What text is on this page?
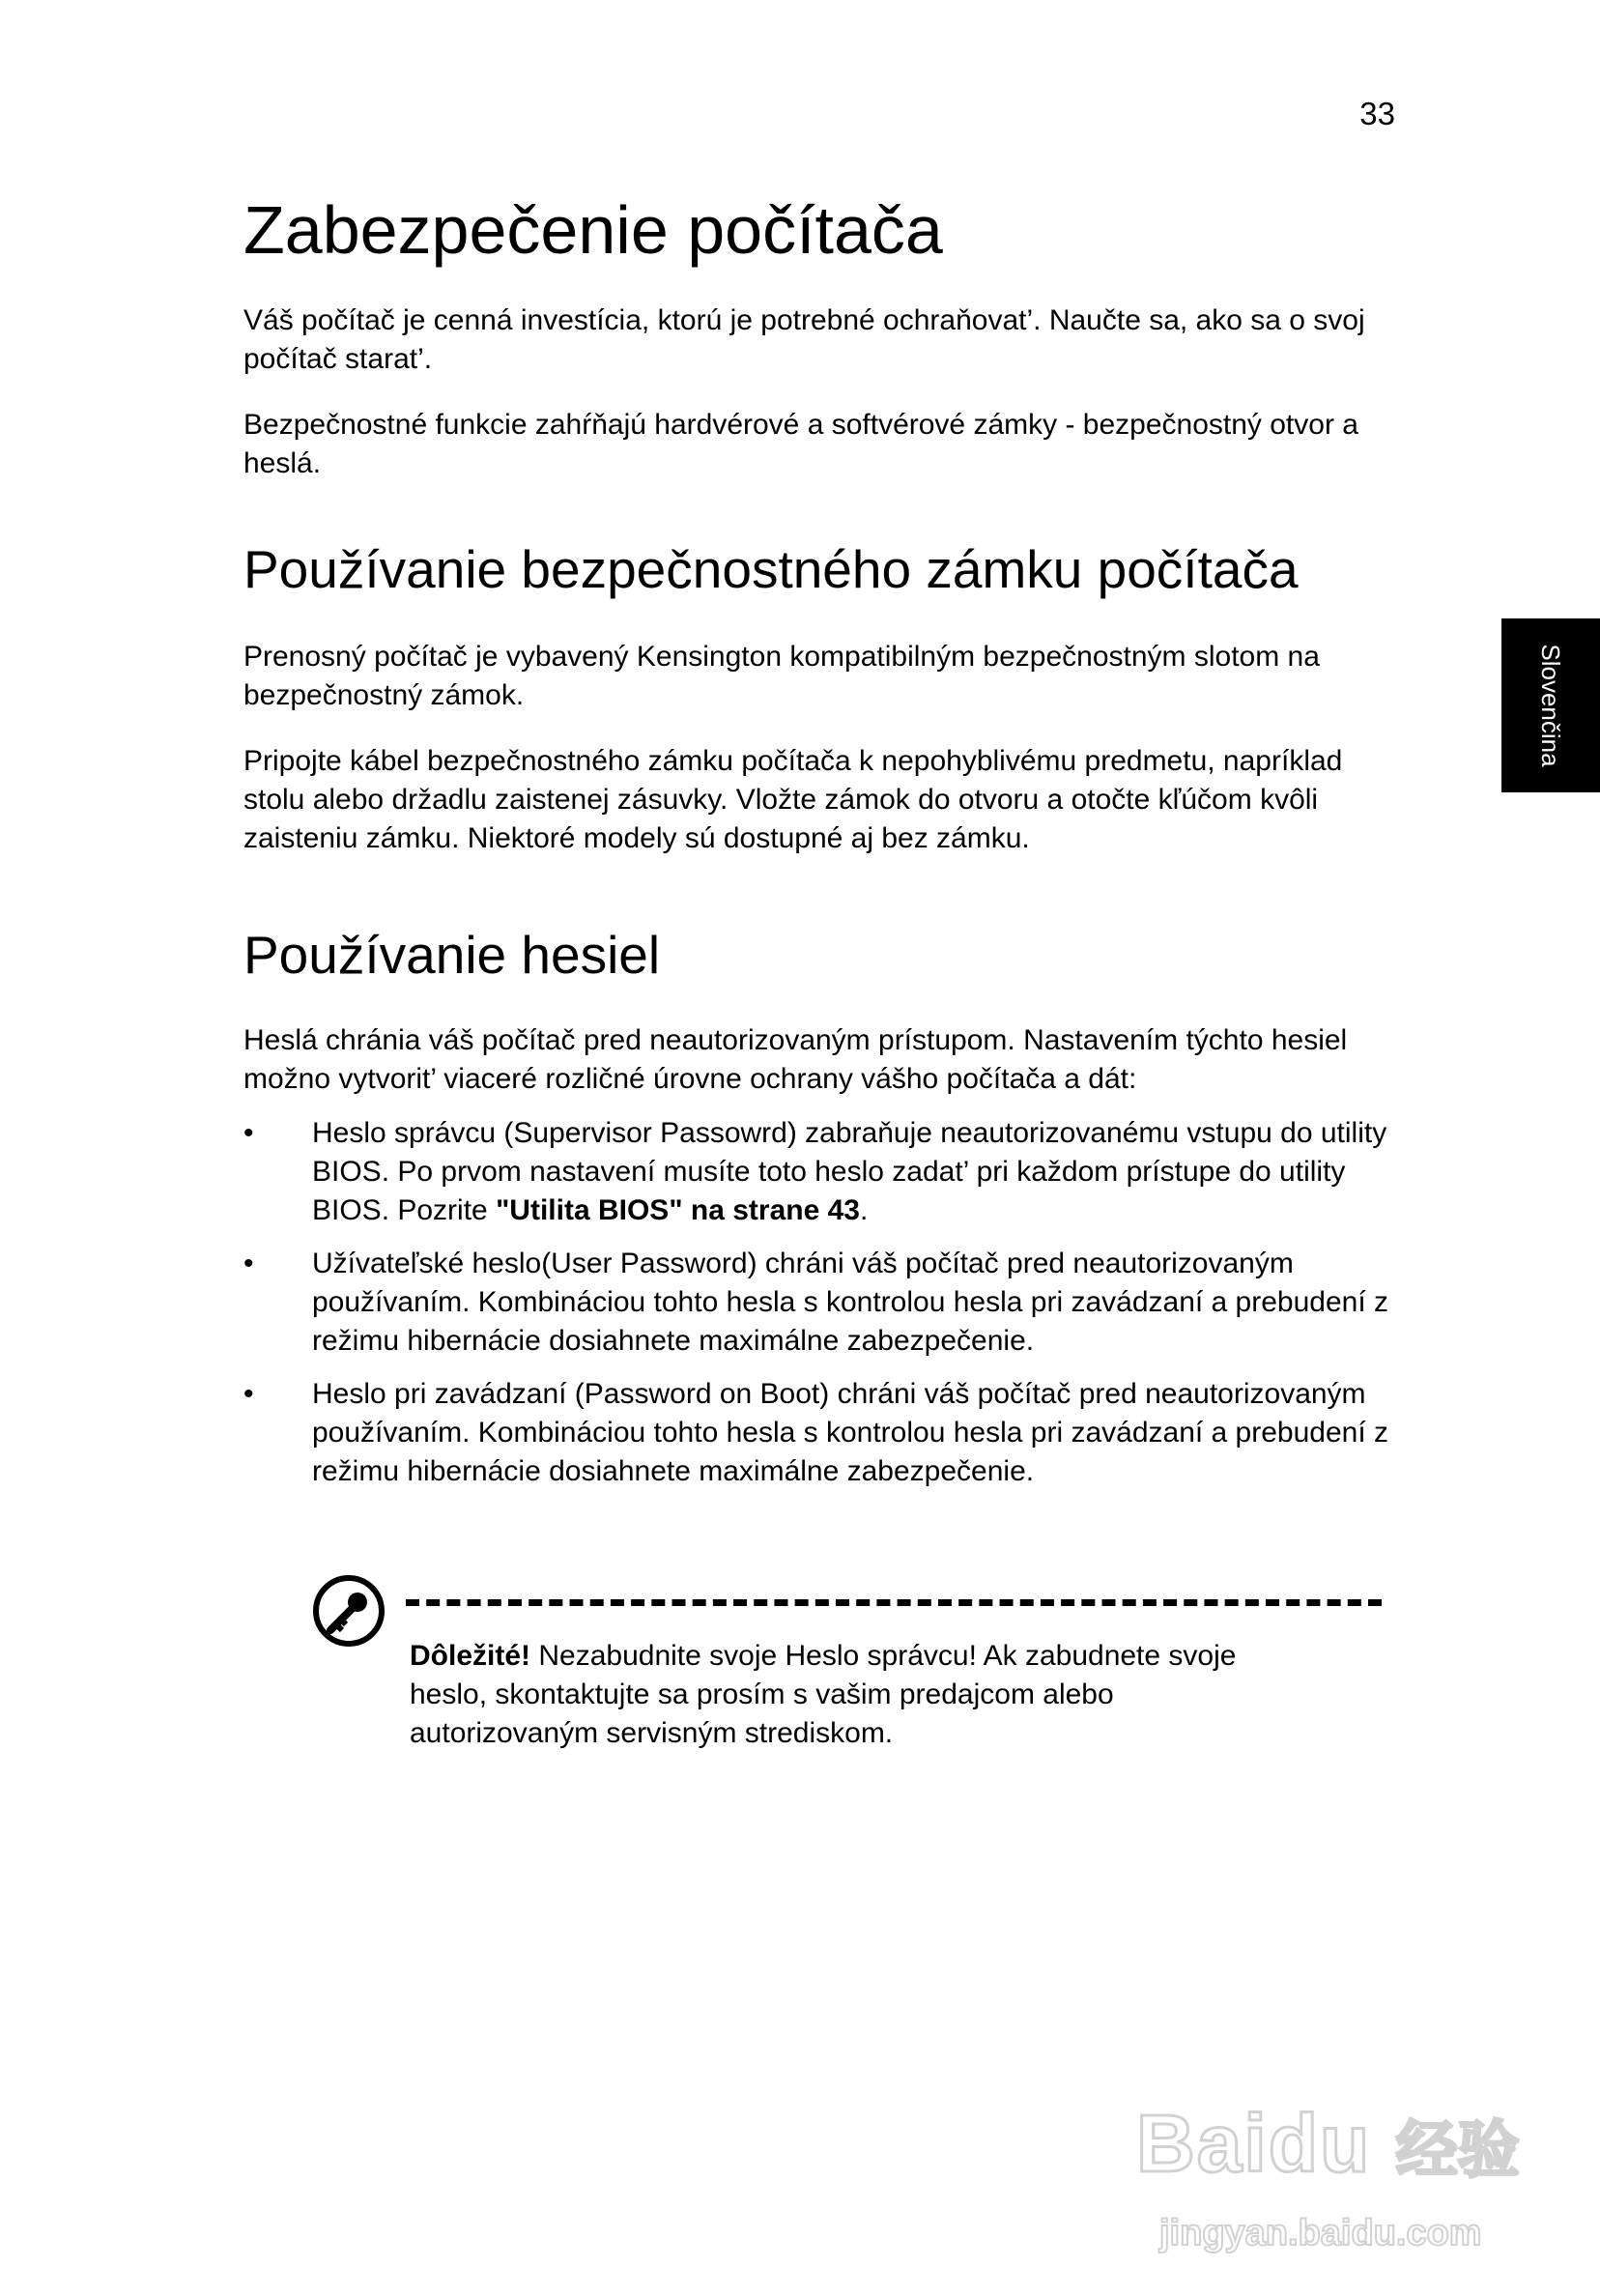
33
Slovenčina
Zabezpečenie počítača

Váš počítač je cenná investícia, ktorú je potrebné ochraňovat’. Naučte sa, ako sa o svoj počítač starat’.

Bezpečnostné funkcie zahŕňajú hardvérové a softvérové zámky - bezpečnostný otvor a heslá.

Používanie bezpečnostného zámku počítača

Prenosný počítač je vybavený Kensington kompatibilným bezpečnostným slotom na bezpečnostný zámok.

Pripojte kábel bezpečnostného zámku počítača k nepohyblivému predmetu, napríklad stolu alebo držadlu zaistenej zásuvky. Vložte zámok do otvoru a otočte kľúčom kvôli zaisteniu zámku. Niektoré modely sú dostupné aj bez zámku.

Používanie hesiel

Heslá chránia váš počítač pred neautorizovaným prístupom. Nastavením týchto hesiel možno vytvorit’ viaceré rozličné úrovne ochrany vášho počítača a dát:

• Heslo správcu (Supervisor Passowrd) zabraňuje neautorizovanému vstupu do utility BIOS. Po prvom nastavení musíte toto heslo zadat’ pri každom prístupe do utility BIOS. Pozrite "Utilita BIOS" na strane 43.
• Užívateľské heslo(User Password) chráni váš počítač pred neautorizovaným používaním. Kombináciou tohto hesla s kontrolou hesla pri zavádzaní a prebudení z režimu hibernácie dosiahnete maximálne zabezpečenie.
• Heslo pri zavádzaní (Password on Boot) chráni váš počítač pred neautorizovaným používaním. Kombináciou tohto hesla s kontrolou hesla pri zavádzaní a prebudení z režimu hibernácie dosiahnete maximálne zabezpečenie.

Dôležité! Nezabudnite svoje Heslo správcu! Ak zabudnete svoje heslo, skontaktujte sa prosím s vašim predajcom alebo autorizovaným servisným strediskom.

Baidu 经验
jingyan.baidu.com
